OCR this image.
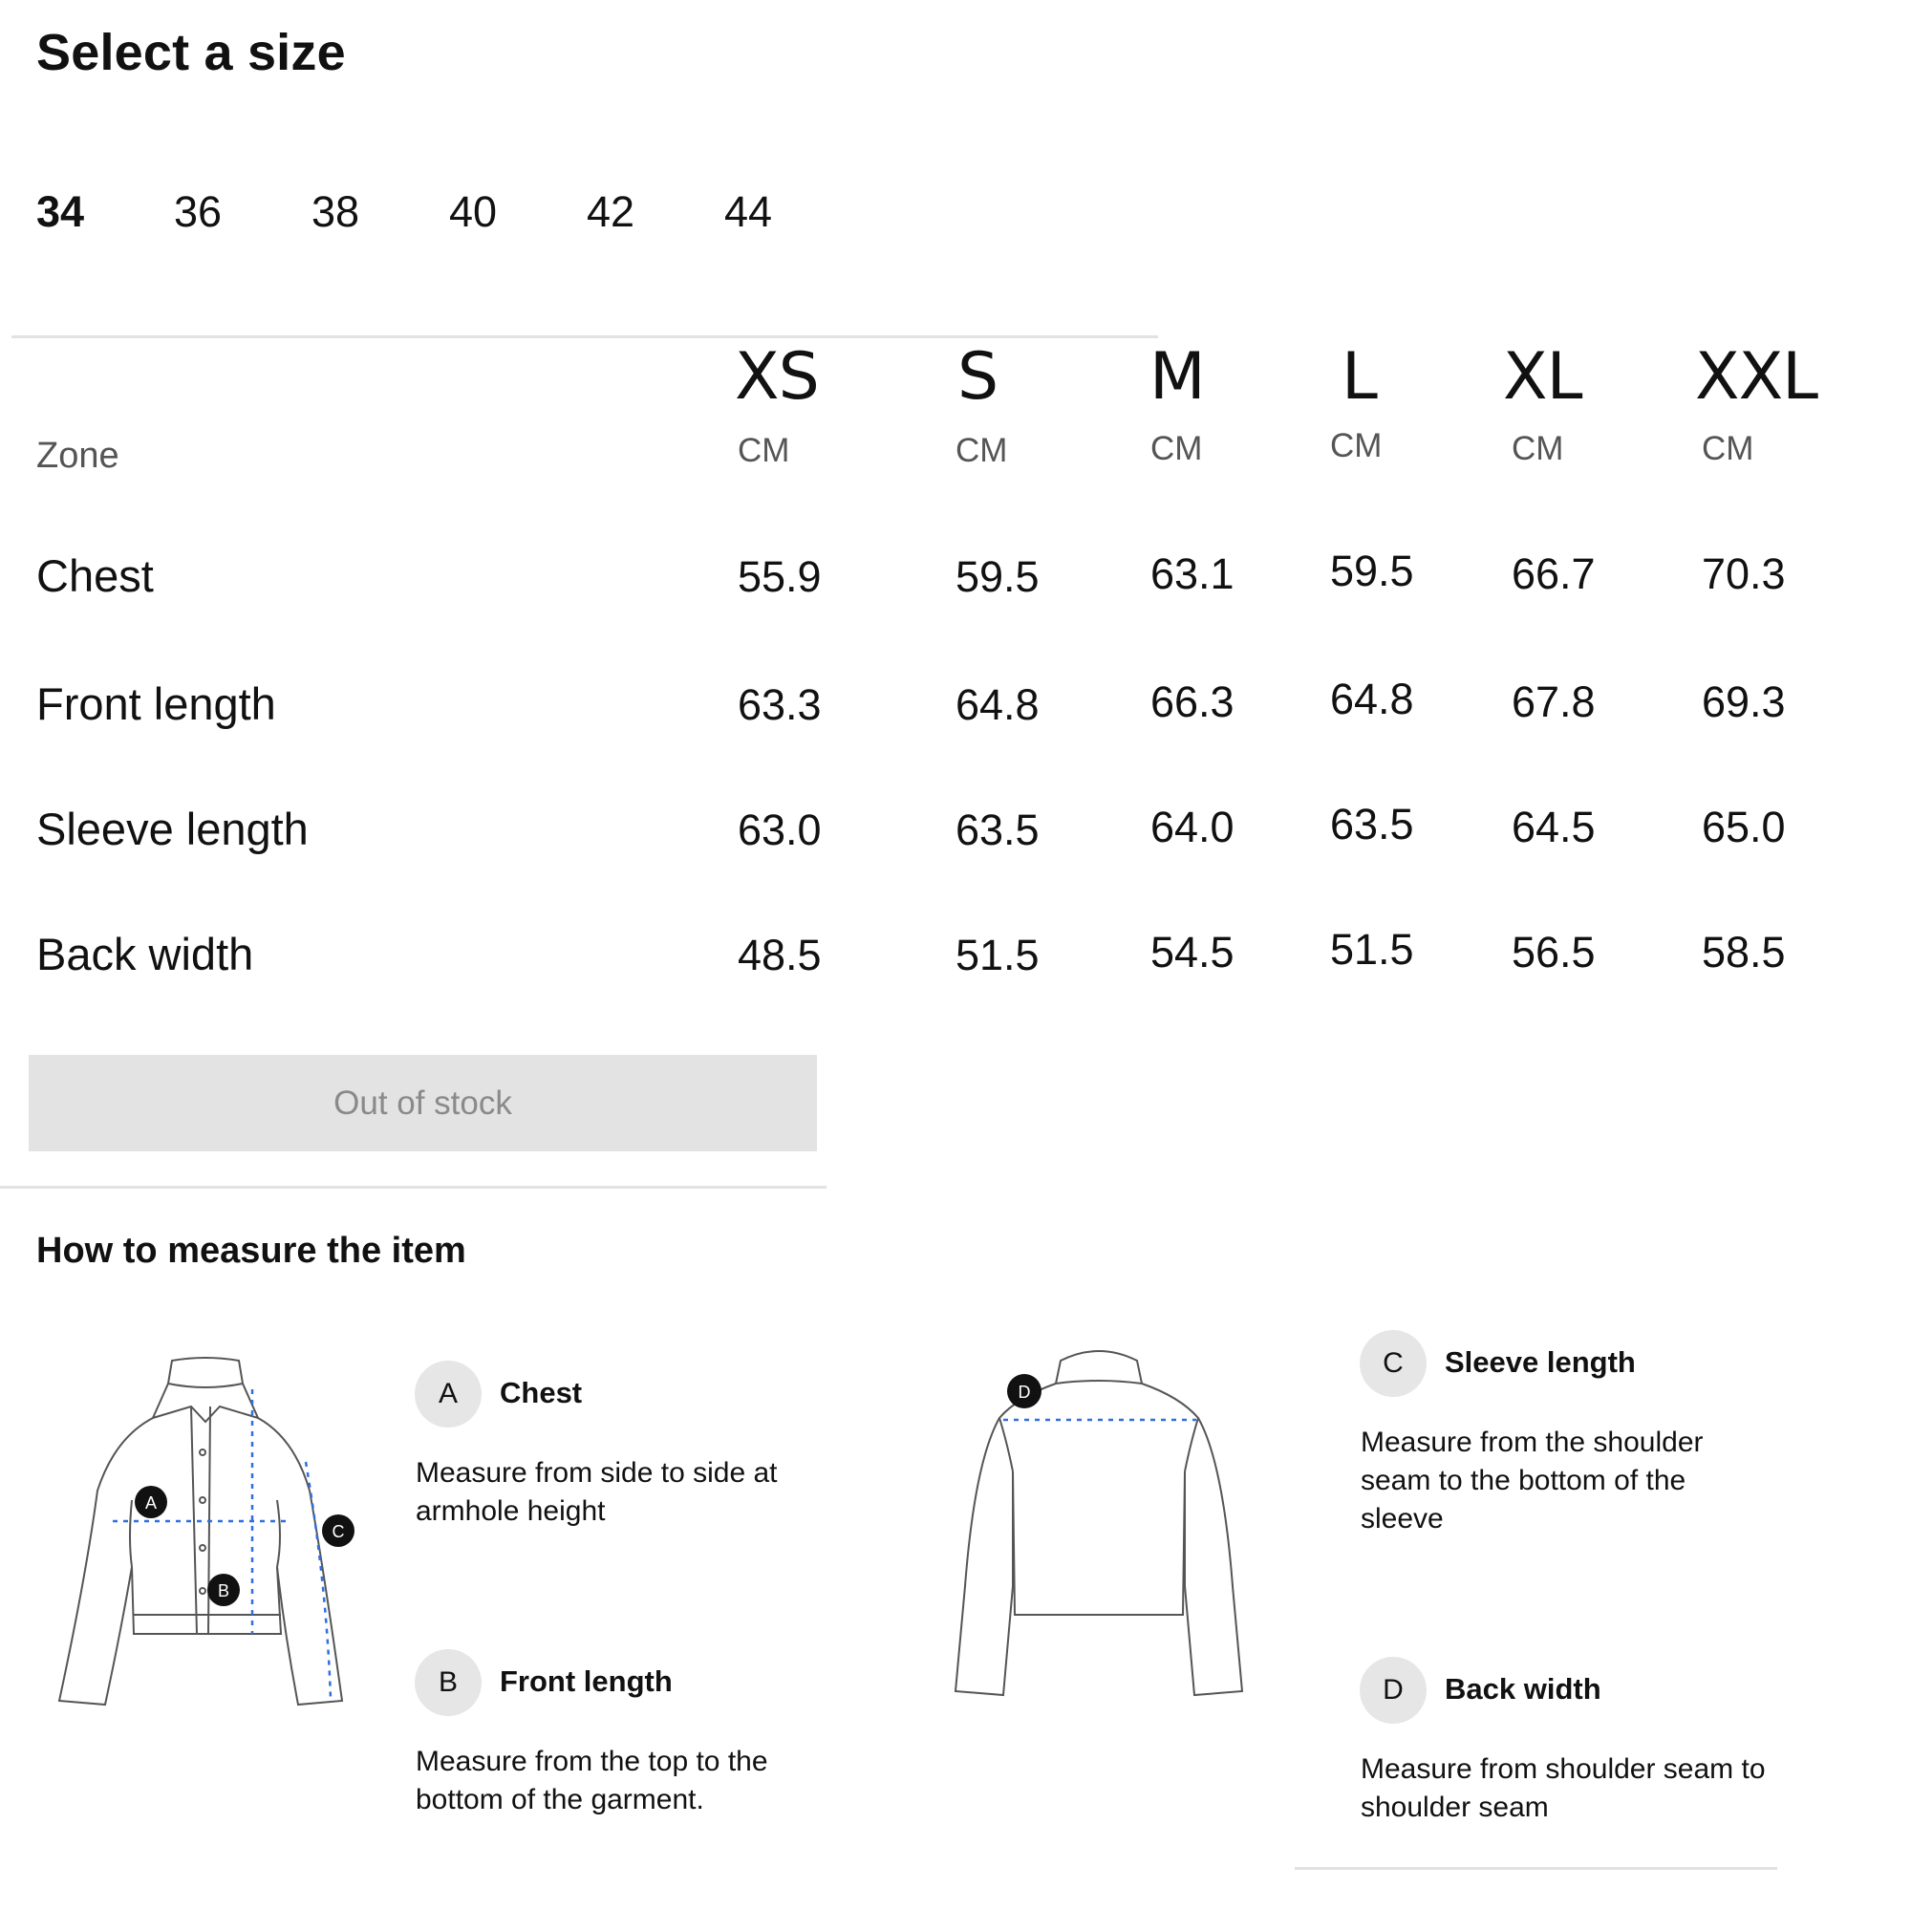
Select a size
34 36 38 40 42 44
Zone
XS S M L XL XXL
CM	CM	CM	CM	CM	CM
Chest	55.9	59.5	63.1 59.5 66.7 70.3
Front length	63.3	64.8	66.3 64.8 67.8 69.3
Sleeve length	63.0	63.5	64.0 63.5 64.5 65.0
Back width	48.5	51.5	54.5 51.5 56.5 58.5
Out of stock
How to measure the item
A
B
C
D
A	Chest
Measure from side to side at armhole height
B	Front length
Measure from the top to the bottom of the garment.
C	Sleeve length
Measure from the shoulder seam to the bottom of the sleeve
D	Back width
Measure from shoulder seam to shoulder seam
